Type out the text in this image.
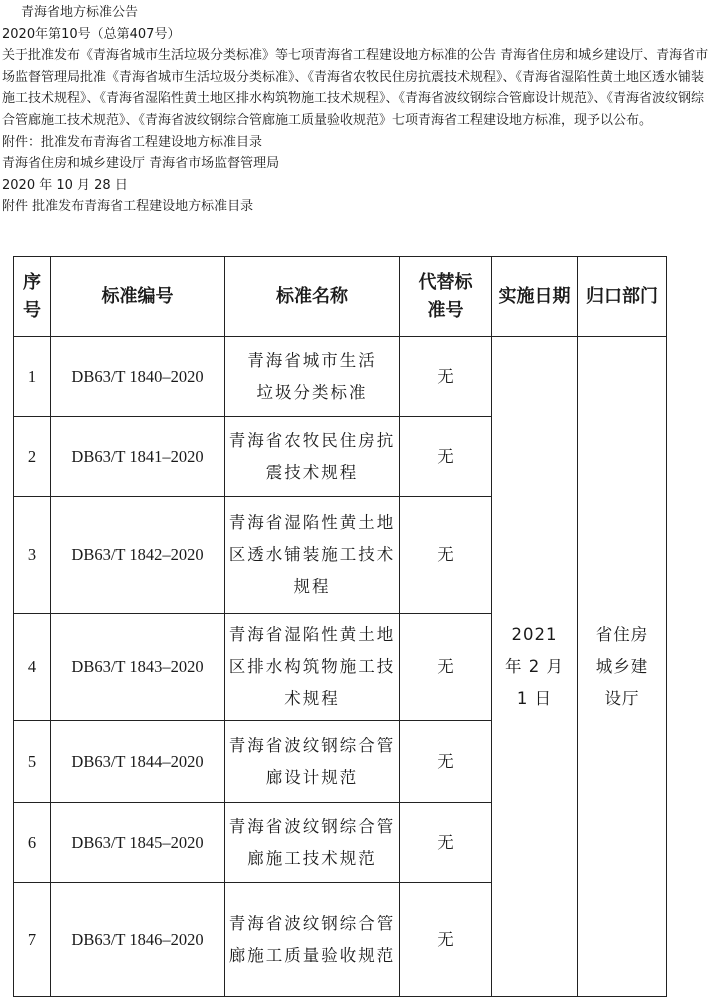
青海省地方标准公告

2020年第10号（总第407号）

关于批准发布《青海省城市生活垃圾分类标准》等七项青海省工程建设地方标准的公告 青海省住房和城乡建设厅、青海省市场监督管理局批准《青海省城市生活垃圾分类标准》、《青海省农牧民住房抗震技术规程》、《青海省湿陷性黄土地区透水铺装施工技术规程》、《青海省湿陷性黄土地区排水构筑物施工技术规程》、《青海省波纹钢综合管廊设计规范》、《青海省波纹钢综合管廊施工技术规范》、《青海省波纹钢综合管廊施工质量验收规范》七项青海省工程建设地方标准，现予以公布。

附件：批准发布青海省工程建设地方标准目录

青海省住房和城乡建设厅 青海省市场监督管理局

2020 年 10 月 28 日

附件 批准发布青海省工程建设地方标准目录

序号	标准编号	标准名称	代替标准号	实施日期	归口部门
1	DB63/T 1840–2020	青海省城市生活垃圾分类标准	无	2021 年 2 月 1 日	省住房城乡建设厅
2	DB63/T 1841–2020	青海省农牧民住房抗震技术规程	无		
3	DB63/T 1842–2020	青海省湿陷性黄土地区透水铺装施工技术规程	无		
4	DB63/T 1843–2020	青海省湿陷性黄土地区排水构筑物施工技术规程	无		
5	DB63/T 1844–2020	青海省波纹钢综合管廊设计规范	无		
6	DB63/T 1845–2020	青海省波纹钢综合管廊施工技术规范	无		
7	DB63/T 1846–2020	青海省波纹钢综合管廊施工质量验收规范	无		
